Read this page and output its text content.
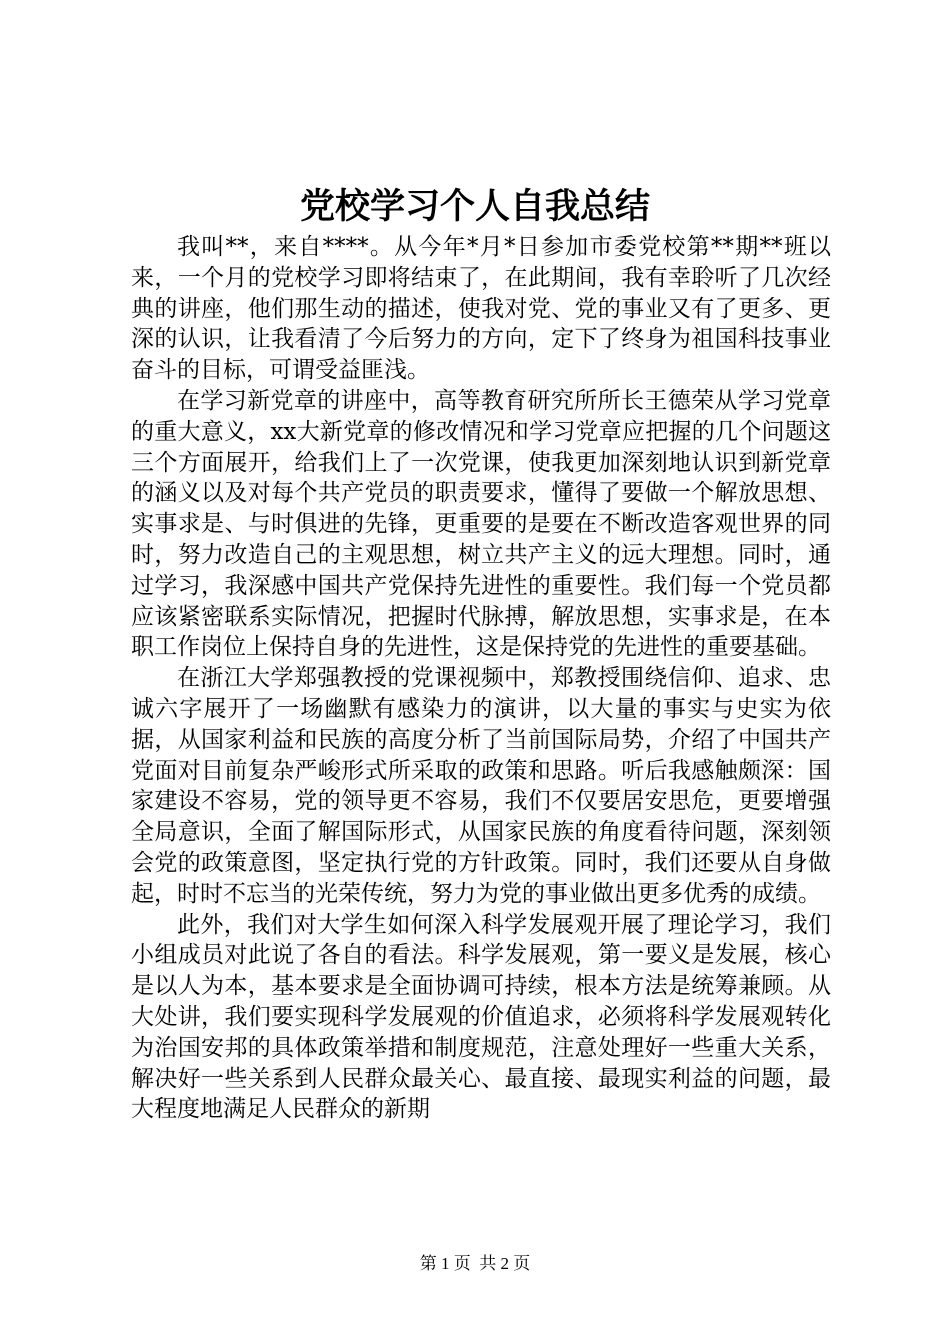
党校学习个人自我总结

我叫**，来自****。从今年*月*日参加市委党校第**期**班以来，一个月的党校学习即将结束了，在此期间，我有幸聆听了几次经典的讲座，他们那生动的描述，使我对党、党的事业又有了更多、更深的认识，让我看清了今后努力的方向，定下了终身为祖国科技事业奋斗的目标，可谓受益匪浅。

在学习新党章的讲座中，高等教育研究所所长王德荣从学习党章的重大意义，xx大新党章的修改情况和学习党章应把握的几个问题这三个方面展开，给我们上了一次党课，使我更加深刻地认识到新党章的涵义以及对每个共产党员的职责要求，懂得了要做一个解放思想、实事求是、与时俱进的先锋，更重要的是要在不断改造客观世界的同时，努力改造自己的主观思想，树立共产主义的远大理想。同时，通过学习，我深感中国共产党保持先进性的重要性。我们每一个党员都应该紧密联系实际情况，把握时代脉搏，解放思想，实事求是，在本职工作岗位上保持自身的先进性，这是保持党的先进性的重要基础。

在浙江大学郑强教授的党课视频中，郑教授围绕信仰、追求、忠诚六字展开了一场幽默有感染力的演讲，以大量的事实与史实为依据，从国家利益和民族的高度分析了当前国际局势，介绍了中国共产党面对目前复杂严峻形式所采取的政策和思路。听后我感触颇深：国家建设不容易，党的领导更不容易，我们不仅要居安思危，更要增强全局意识，全面了解国际形式，从国家民族的角度看待问题，深刻领会党的政策意图，坚定执行党的方针政策。同时，我们还要从自身做起，时时不忘当的光荣传统，努力为党的事业做出更多优秀的成绩。

此外，我们对大学生如何深入科学发展观开展了理论学习，我们小组成员对此说了各自的看法。科学发展观，第一要义是发展，核心是以人为本，基本要求是全面协调可持续，根本方法是统筹兼顾。从大处讲，我们要实现科学发展观的价值追求，必须将科学发展观转化为治国安邦的具体政策举措和制度规范，注意处理好一些重大关系，解决好一些关系到人民群众最关心、最直接、最现实利益的问题，最大程度地满足人民群众的新期

第 1 页  共 2 页
